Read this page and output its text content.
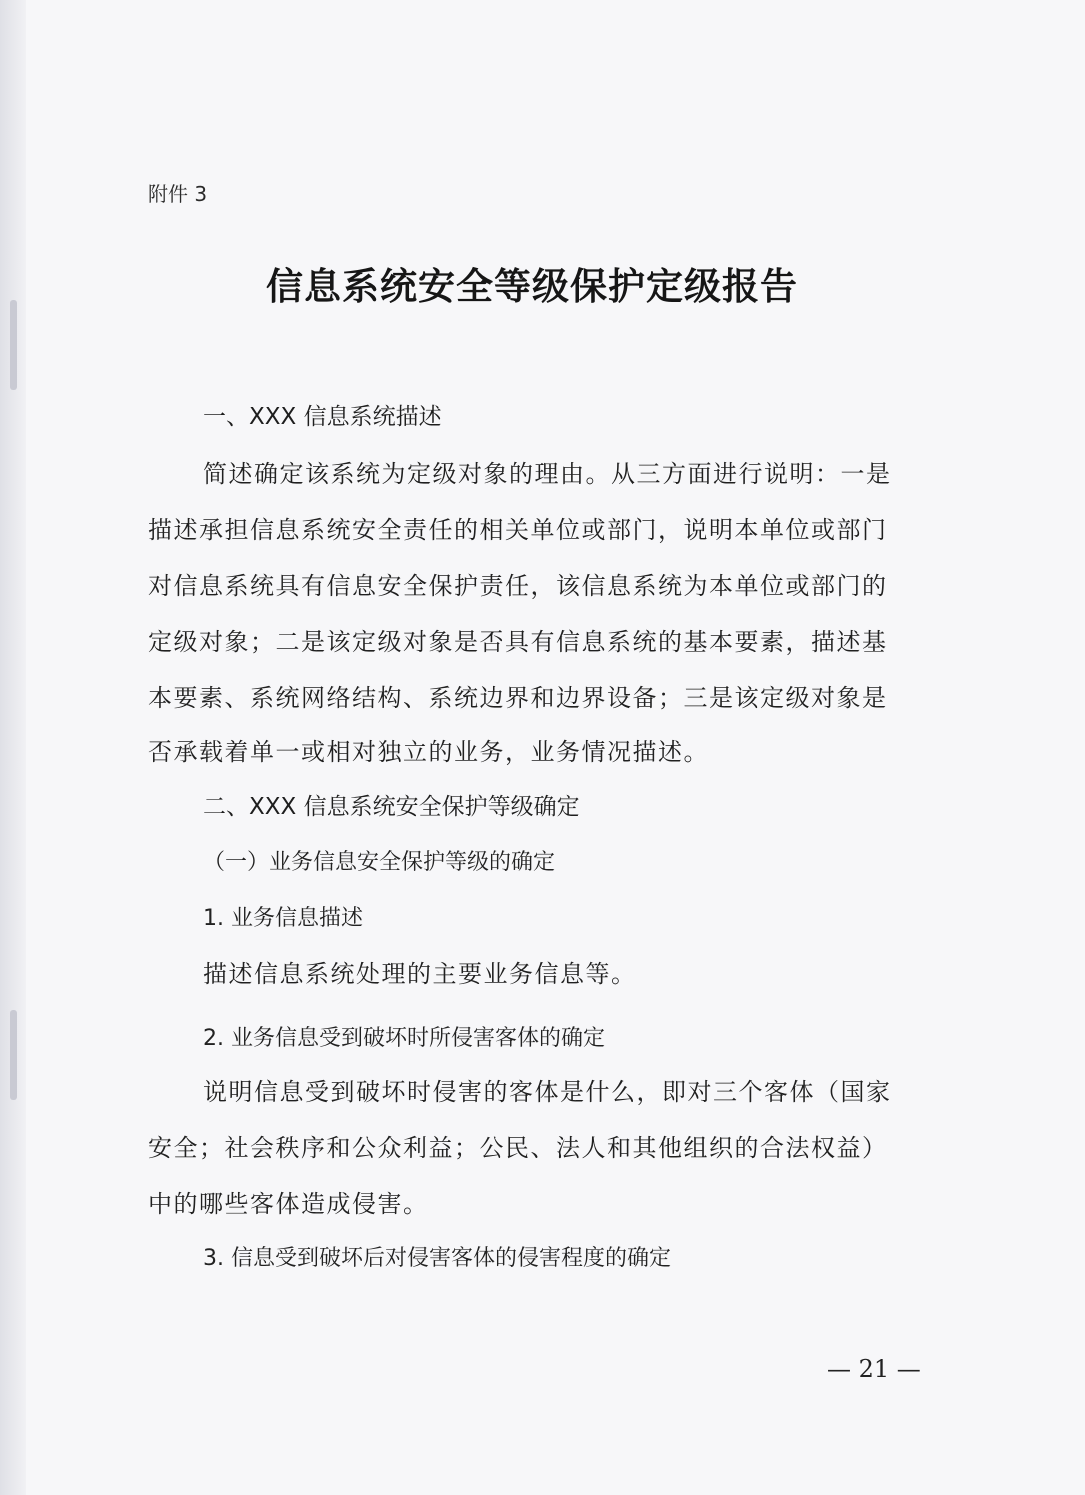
附件 3
信息系统安全等级保护定级报告
一、XXX 信息系统描述
简述确定该系统为定级对象的理由。从三方面进行说明：一是
描述承担信息系统安全责任的相关单位或部门，说明本单位或部门
对信息系统具有信息安全保护责任，该信息系统为本单位或部门的
定级对象；二是该定级对象是否具有信息系统的基本要素，描述基
本要素、系统网络结构、系统边界和边界设备；三是该定级对象是
否承载着单一或相对独立的业务，业务情况描述。
二、XXX 信息系统安全保护等级确定
（一）业务信息安全保护等级的确定
1. 业务信息描述
描述信息系统处理的主要业务信息等。
2. 业务信息受到破坏时所侵害客体的确定
说明信息受到破坏时侵害的客体是什么，即对三个客体（国家
安全；社会秩序和公众利益；公民、法人和其他组织的合法权益）
中的哪些客体造成侵害。
3. 信息受到破坏后对侵害客体的侵害程度的确定
— 21 —
